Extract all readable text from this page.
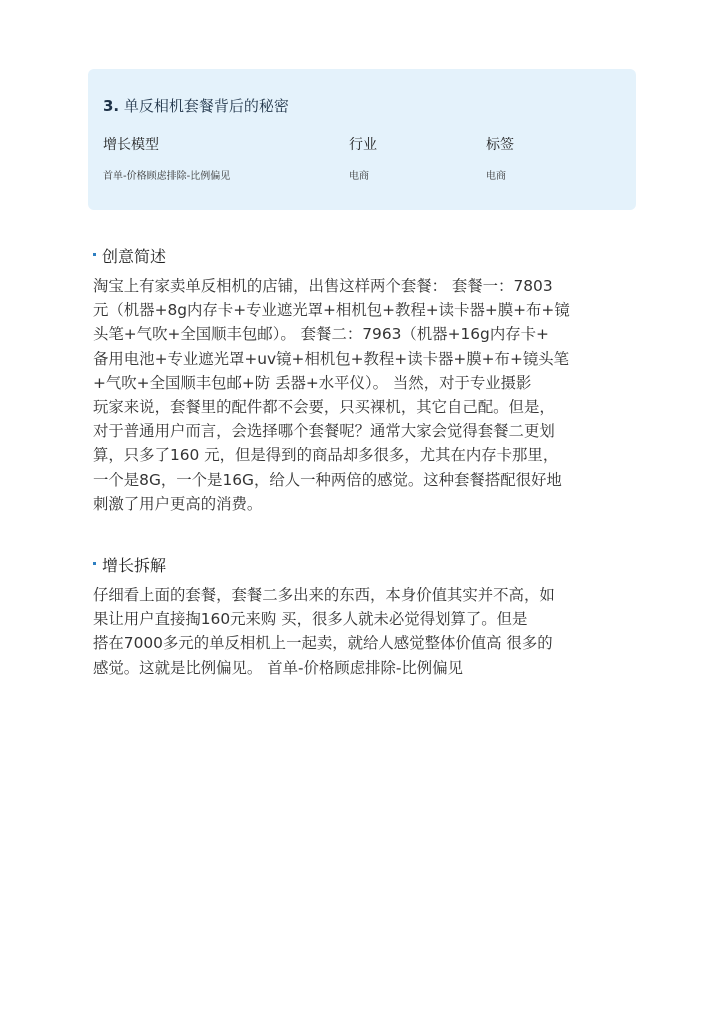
3. 单反相机套餐背后的秘密
增长模型	行业	标签
首单-价格顾虑排除-比例偏见	电商	电商
创意简述
淘宝上有家卖单反相机的店铺，出售这样两个套餐： 套餐一：7803
元（机器+8g内存卡+专业遮光罩+相机包+教程+读卡器+膜+布+镜
头笔+气吹+全国顺丰包邮）。 套餐二：7963（机器+16g内存卡+
备用电池+专业遮光罩+uv镜+相机包+教程+读卡器+膜+布+镜头笔
+气吹+全国顺丰包邮+防 丢器+水平仪）。 当然，对于专业摄影
玩家来说，套餐里的配件都不会要，只买裸机，其它自己配。但是，
对于普通用户而言，会选择哪个套餐呢？通常大家会觉得套餐二更划
算，只多了160 元，但是得到的商品却多很多，尤其在内存卡那里，
一个是8G，一个是16G，给人一种两倍的感觉。这种套餐搭配很好地
刺激了用户更高的消费。
增长拆解
仔细看上面的套餐，套餐二多出来的东西，本身价值其实并不高，如
果让用户直接掏160元来购 买，很多人就未必觉得划算了。但是
搭在7000多元的单反相机上一起卖，就给人感觉整体价值高 很多的
感觉。这就是比例偏见。 首单-价格顾虑排除-比例偏见
